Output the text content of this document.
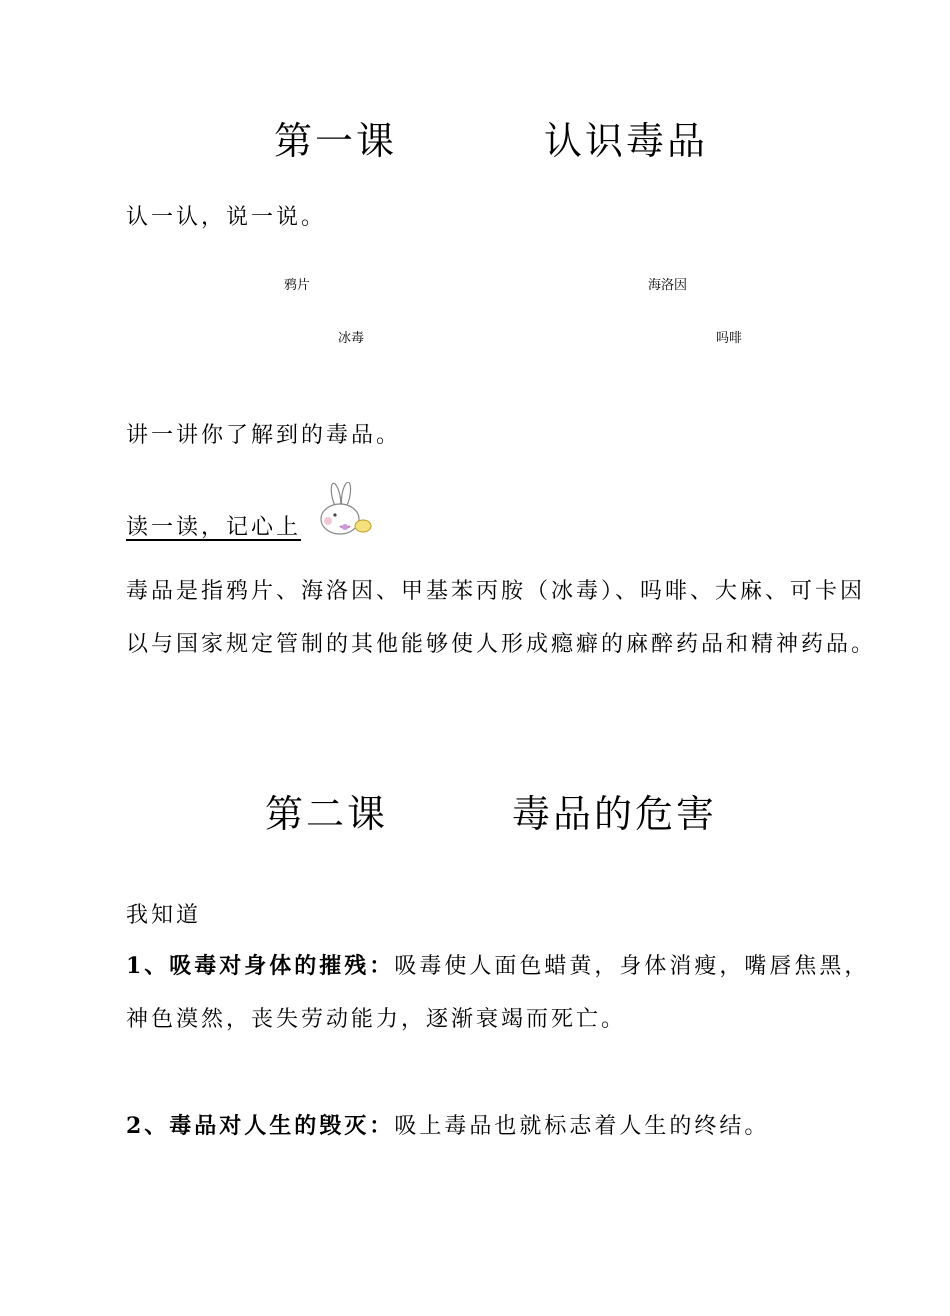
第一课	认识毒品
认一认，说一说。
鸦片	海洛因
冰毒	吗啡
讲一讲你了解到的毒品。
读一读，记心上
毒品是指鸦片、海洛因、甲基苯丙胺（冰毒）、吗啡、大麻、可卡因以与国家规定管制的其他能够使人形成瘾癖的麻醉药品和精神药品。
第二课	毒品的危害
我知道
1、吸毒对身体的摧残：吸毒使人面色蜡黄，身体消瘦，嘴唇焦黑，神色漠然，丧失劳动能力，逐渐衰竭而死亡。
2、毒品对人生的毁灭：吸上毒品也就标志着人生的终结。
